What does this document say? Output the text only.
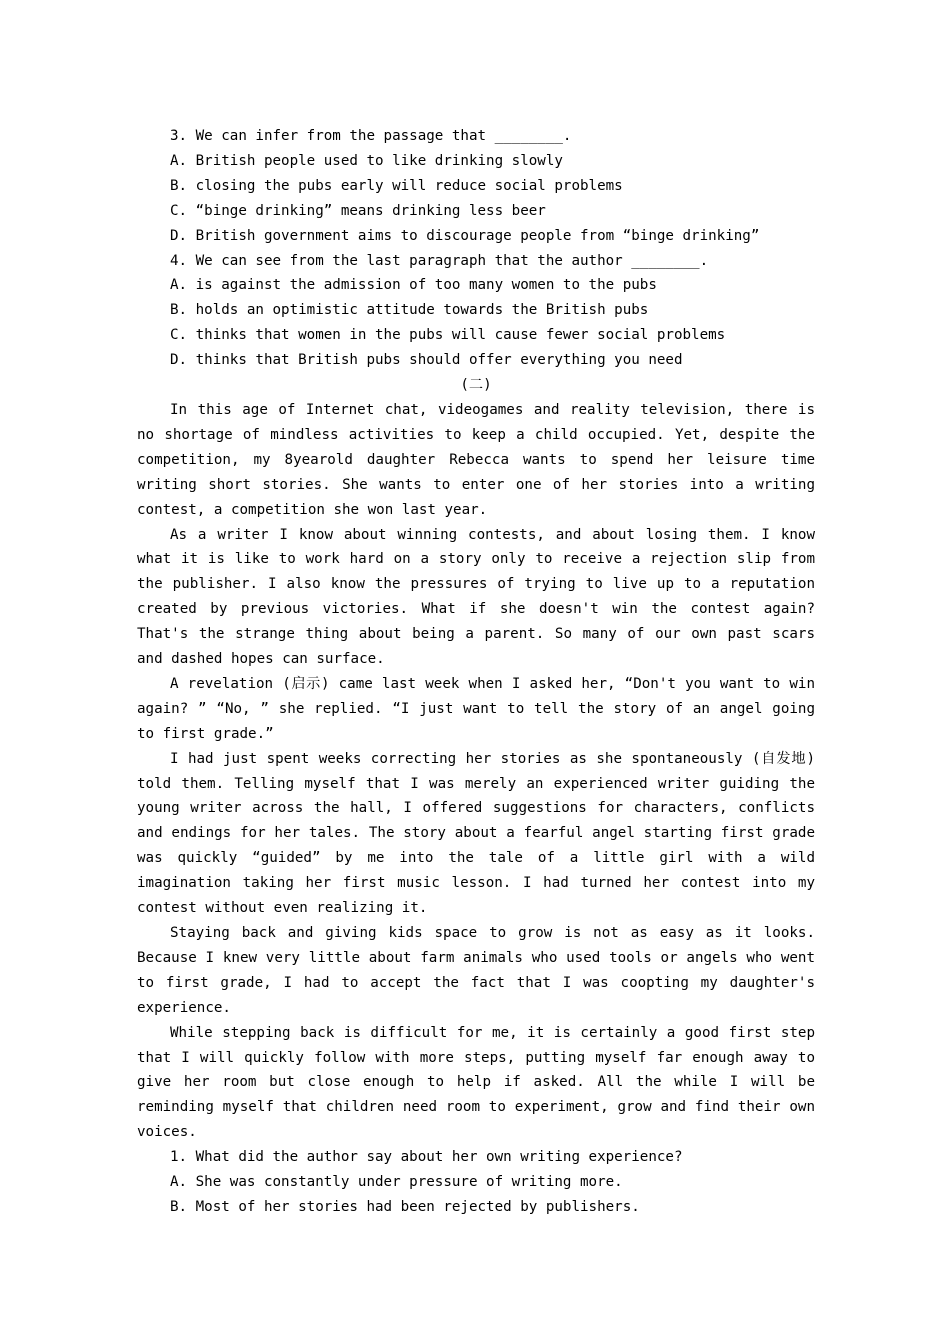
3. We can infer from the passage that ________.
A. British people used to like drinking slowly
B. closing the pubs early will reduce social problems
C. “binge drinking” means drinking less beer
D. British government aims to discourage people from “binge drinking”
4. We can see from the last paragraph that the author ________.
A. is against the admission of too many women to the pubs
B. holds an optimistic attitude towards the British pubs
C. thinks that women in the pubs will cause fewer social problems
D. thinks that British pubs should offer everything you need
(二)

In this age of Internet chat, videogames and reality television, there is no shortage of mindless activities to keep a child occupied. Yet, despite the competition, my 8yearold daughter Rebecca wants to spend her leisure time writing short stories. She wants to enter one of her stories into a writing contest, a competition she won last year.

As a writer I know about winning contests, and about losing them. I know what it is like to work hard on a story only to receive a rejection slip from the publisher. I also know the pressures of trying to live up to a reputation created by previous victories. What if she doesn't win the contest again? That's the strange thing about being a parent. So many of our own past scars and dashed hopes can surface.

A revelation (启示) came last week when I asked her, “Don't you want to win again? ” “No, ” she replied. “I just want to tell the story of an angel going to first grade.”

I had just spent weeks correcting her stories as she spontaneously (自发地) told them. Telling myself that I was merely an experienced writer guiding the young writer across the hall, I offered suggestions for characters, conflicts and endings for her tales. The story about a fearful angel starting first grade was quickly “guided” by me into the tale of a little girl with a wild imagination taking her first music lesson. I had turned her contest into my contest without even realizing it.

Staying back and giving kids space to grow is not as easy as it looks. Because I knew very little about farm animals who used tools or angels who went to first grade, I had to accept the fact that I was coopting my daughter's experience.

While stepping back is difficult for me, it is certainly a good first step that I will quickly follow with more steps, putting myself far enough away to give her room but close enough to help if asked. All the while I will be reminding myself that children need room to experiment, grow and find their own voices.

1. What did the author say about her own writing experience?
A. She was constantly under pressure of writing more.
B. Most of her stories had been rejected by publishers.
